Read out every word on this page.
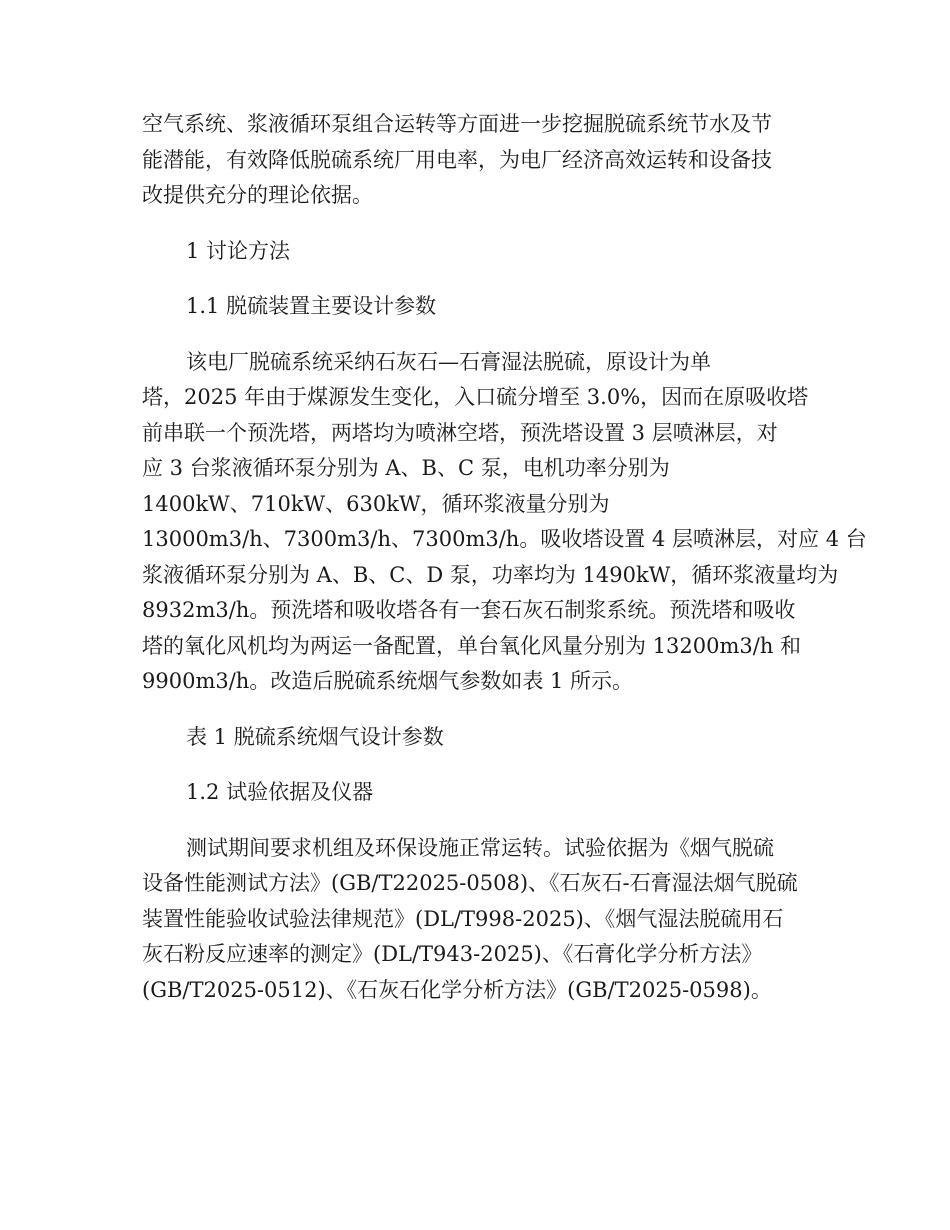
空气系统、浆液循环泵组合运转等方面进一步挖掘脱硫系统节水及节
能潜能，有效降低脱硫系统厂用电率，为电厂经济高效运转和设备技
改提供充分的理论依据。

1 讨论方法

1.1 脱硫装置主要设计参数

该电厂脱硫系统采纳石灰石—石膏湿法脱硫，原设计为单
塔，2025 年由于煤源发生变化，入口硫分增至 3.0%，因而在原吸收塔
前串联一个预洗塔，两塔均为喷淋空塔，预洗塔设置 3 层喷淋层，对
应 3 台浆液循环泵分别为 A、B、C 泵，电机功率分别为
1400kW、710kW、630kW，循环浆液量分别为
13000m3/h、7300m3/h、7300m3/h。吸收塔设置 4 层喷淋层，对应 4 台
浆液循环泵分别为 A、B、C、D 泵，功率均为 1490kW，循环浆液量均为
8932m3/h。预洗塔和吸收塔各有一套石灰石制浆系统。预洗塔和吸收
塔的氧化风机均为两运一备配置，单台氧化风量分别为 13200m3/h 和
9900m3/h。改造后脱硫系统烟气参数如表 1 所示。

表 1 脱硫系统烟气设计参数

1.2 试验依据及仪器

测试期间要求机组及环保设施正常运转。试验依据为《烟气脱硫
设备性能测试方法》(GB/T22025-0508)、《石灰石-石膏湿法烟气脱硫
装置性能验收试验法律规范》(DL/T998-2025)、《烟气湿法脱硫用石
灰石粉反应速率的测定》(DL/T943-2025)、《石膏化学分析方法》
(GB/T2025-0512)、《石灰石化学分析方法》(GB/T2025-0598)。
